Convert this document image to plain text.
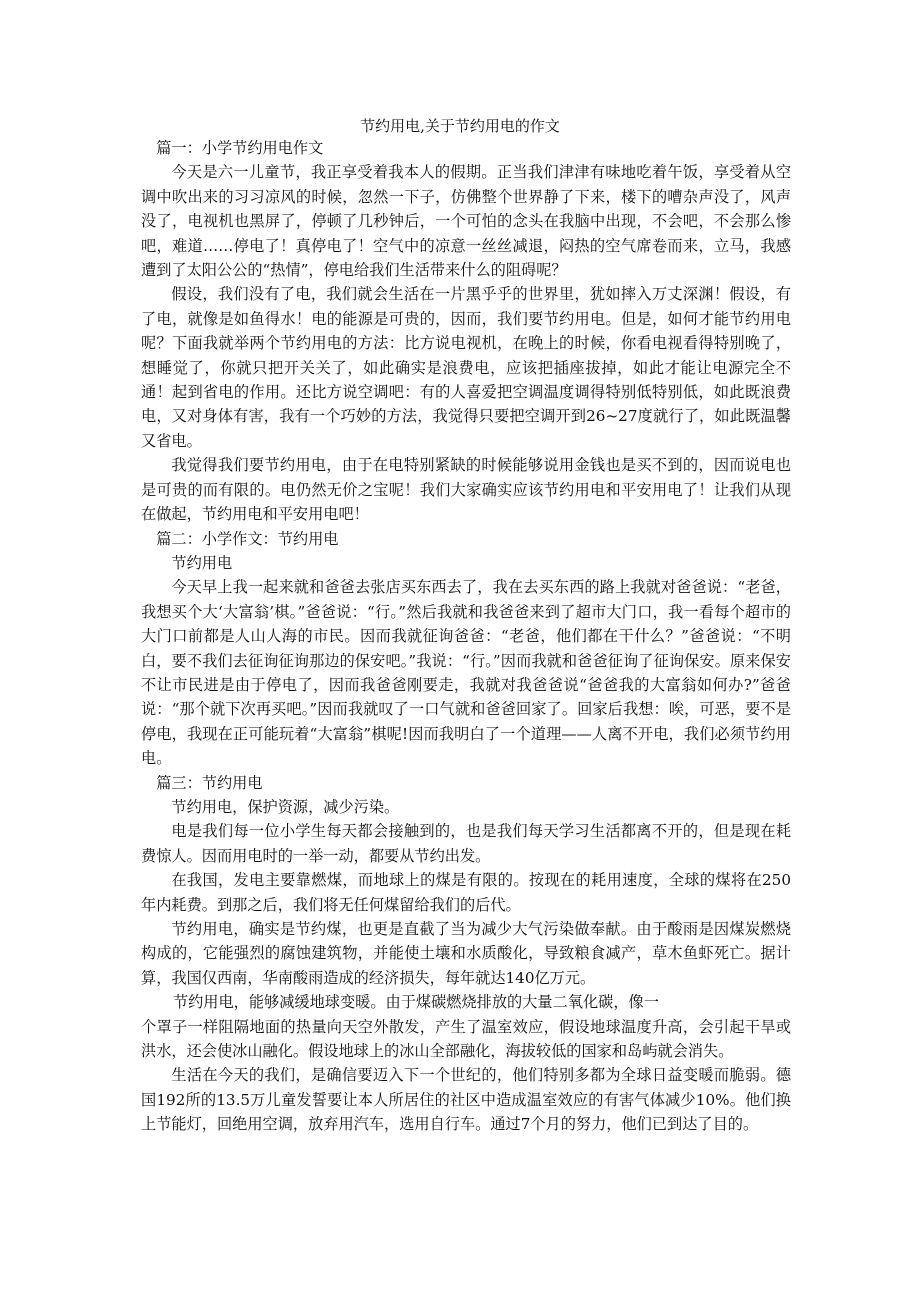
节约用电,关于节约用电的作文

篇一：小学节约用电作文

今天是六一儿童节，我正享受着我本人的假期。正当我们津津有味地吃着午饭，享受着从空调中吹出来的习习凉风的时候，忽然一下子，仿佛整个世界静了下来，楼下的嘈杂声没了，风声没了，电视机也黑屏了，停顿了几秒钟后，一个可怕的念头在我脑中出现，不会吧，不会那么惨吧，难道……停电了！真停电了！空气中的凉意一丝丝减退，闷热的空气席卷而来，立马，我感遭到了太阳公公的“热情”，停电给我们生活带来什么的阻碍呢？

假设，我们没有了电，我们就会生活在一片黑乎乎的世界里，犹如摔入万丈深渊！假设，有了电，就像是如鱼得水！电的能源是可贵的，因而，我们要节约用电。但是，如何才能节约用电呢？下面我就举两个节约用电的方法：比方说电视机，在晚上的时候，你看电视看得特别晚了，想睡觉了，你就只把开关关了，如此确实是浪费电，应该把插座拔掉，如此才能让电源完全不通！起到省电的作用。还比方说空调吧：有的人喜爱把空调温度调得特别低特别低，如此既浪费电，又对身体有害，我有一个巧妙的方法，我觉得只要把空调开到26~27度就行了，如此既温馨又省电。

我觉得我们要节约用电，由于在电特别紧缺的时候能够说用金钱也是买不到的，因而说电也是可贵的而有限的。电仍然无价之宝呢！我们大家确实应该节约用电和平安用电了！让我们从现在做起，节约用电和平安用电吧！

篇二：小学作文：节约用电

节约用电

今天早上我一起来就和爸爸去张店买东西去了，我在去买东西的路上我就对爸爸说：“老爸，我想买个大‘大富翁’棋。”爸爸说：“行。”然后我就和我爸爸来到了超市大门口，我一看每个超市的大门口前都是人山人海的市民。因而我就征询爸爸：“老爸，他们都在干什么？”爸爸说：“不明白，要不我们去征询征询那边的保安吧。”我说：“行。”因而我就和爸爸征询了征询保安。原来保安不让市民进是由于停电了，因而我爸爸刚要走，我就对我爸爸说“爸爸我的大富翁如何办?”爸爸说：“那个就下次再买吧。”因而我就叹了一口气就和爸爸回家了。回家后我想：唉，可恶，要不是停电，我现在正可能玩着“大富翁”棋呢!因而我明白了一个道理——人离不开电，我们必须节约用电。

篇三：节约用电

节约用电，保护资源，减少污染。

电是我们每一位小学生每天都会接触到的，也是我们每天学习生活都离不开的，但是现在耗费惊人。因而用电时的一举一动，都要从节约出发。

在我国，发电主要靠燃煤，而地球上的煤是有限的。按现在的耗用速度，全球的煤将在250年内耗费。到那之后，我们将无任何煤留给我们的后代。

节约用电，确实是节约煤，也更是直截了当为减少大气污染做奉献。由于酸雨是因煤炭燃烧构成的，它能强烈的腐蚀建筑物，并能使土壤和水质酸化，导致粮食减产，草木鱼虾死亡。据计算，我国仅西南，华南酸雨造成的经济损失，每年就达140亿万元。

节约用电，能够减缓地球变暖。由于煤碳燃烧排放的大量二氧化碳，像一
个罩子一样阻隔地面的热量向天空外散发，产生了温室效应，假设地球温度升高，会引起干旱或洪水，还会使冰山融化。假设地球上的冰山全部融化，海拔较低的国家和岛屿就会消失。

生活在今天的我们，是确信要迈入下一个世纪的，他们特别多都为全球日益变暖而脆弱。德国192所的13.5万儿童发誓要让本人所居住的社区中造成温室效应的有害气体减少10%。他们换上节能灯，回绝用空调，放弃用汽车，选用自行车。通过7个月的努力，他们已到达了目的。
